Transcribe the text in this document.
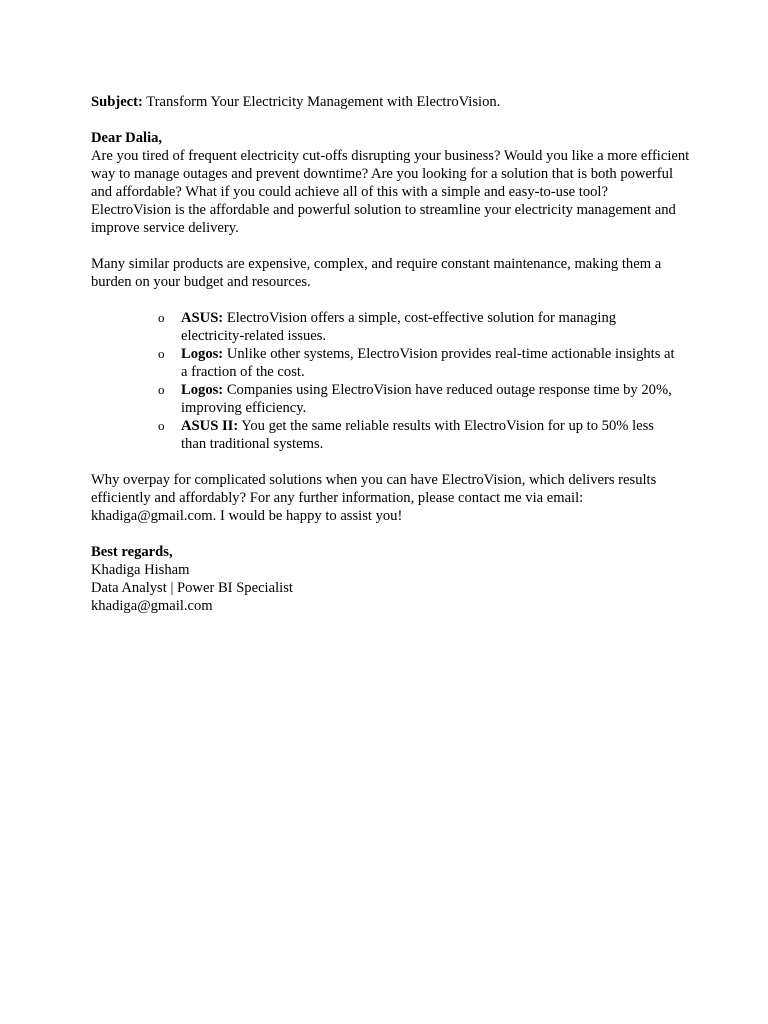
Subject: Transform Your Electricity Management with ElectroVision.

Dear Dalia,

Are you tired of frequent electricity cut-offs disrupting your business? Would you like a more efficient way to manage outages and prevent downtime? Are you looking for a solution that is both powerful and affordable? What if you could achieve all of this with a simple and easy-to-use tool? ElectroVision is the affordable and powerful solution to streamline your electricity management and improve service delivery.

Many similar products are expensive, complex, and require constant maintenance, making them a burden on your budget and resources.

o ASUS: ElectroVision offers a simple, cost-effective solution for managing electricity-related issues.
o Logos: Unlike other systems, ElectroVision provides real-time actionable insights at a fraction of the cost.
o Logos: Companies using ElectroVision have reduced outage response time by 20%, improving efficiency.
o ASUS II: You get the same reliable results with ElectroVision for up to 50% less than traditional systems.

Why overpay for complicated solutions when you can have ElectroVision, which delivers results efficiently and affordably? For any further information, please contact me via email: khadiga@gmail.com. I would be happy to assist you!

Best regards,

Khadiga Hisham

Data Analyst | Power BI Specialist

khadiga@gmail.com
